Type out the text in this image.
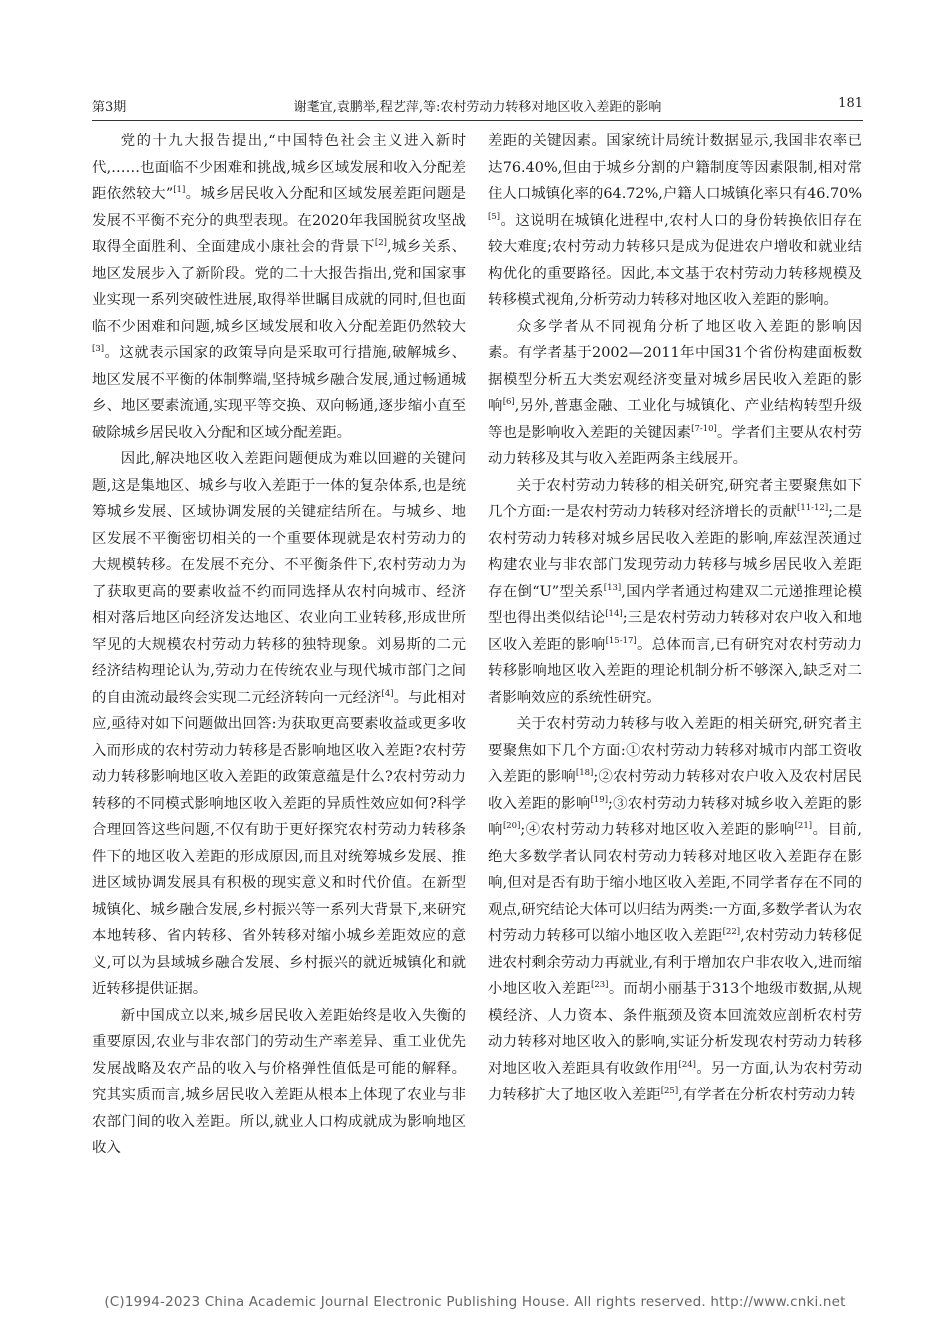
第3期	谢耄宜,袁鹏举,程艺萍,等:农村劳动力转移对地区收入差距的影响	181

党的十九大报告提出,“中国特色社会主义进入新时代,……也面临不少困难和挑战,城乡区域发展和收入分配差距依然较大”[1]。城乡居民收入分配和区域发展差距问题是发展不平衡不充分的典型表现。在2020年我国脱贫攻坚战取得全面胜利、全面建成小康社会的背景下[2],城乡关系、地区发展步入了新阶段。党的二十大报告指出,党和国家事业实现一系列突破性进展,取得举世瞩目成就的同时,但也面临不少困难和问题,城乡区域发展和收入分配差距仍然较大[3]。这就表示国家的政策导向是采取可行措施,破解城乡、地区发展不平衡的体制弊端,坚持城乡融合发展,通过畅通城乡、地区要素流通,实现平等交换、双向畅通,逐步缩小直至破除城乡居民收入分配和区域分配差距。

因此,解决地区收入差距问题便成为难以回避的关键问题,这是集地区、城乡与收入差距于一体的复杂体系,也是统筹城乡发展、区域协调发展的关键症结所在。与城乡、地区发展不平衡密切相关的一个重要体现就是农村劳动力的大规模转移。在发展不充分、不平衡条件下,农村劳动力为了获取更高的要素收益不约而同选择从农村向城市、经济相对落后地区向经济发达地区、农业向工业转移,形成世所罕见的大规模农村劳动力转移的独特现象。刘易斯的二元经济结构理论认为,劳动力在传统农业与现代城市部门之间的自由流动最终会实现二元经济转向一元经济[4]。与此相对应,亟待对如下问题做出回答:为获取更高要素收益或更多收入而形成的农村劳动力转移是否影响地区收入差距?农村劳动力转移影响地区收入差距的政策意蕴是什么?农村劳动力转移的不同模式影响地区收入差距的异质性效应如何?科学合理回答这些问题,不仅有助于更好探究农村劳动力转移条件下的地区收入差距的形成原因,而且对统筹城乡发展、推进区域协调发展具有积极的现实意义和时代价值。在新型城镇化、城乡融合发展,乡村振兴等一系列大背景下,来研究本地转移、省内转移、省外转移对缩小城乡差距效应的意义,可以为县域城乡融合发展、乡村振兴的就近城镇化和就近转移提供证据。

新中国成立以来,城乡居民收入差距始终是收入失衡的重要原因,农业与非农部门的劳动生产率差异、重工业优先发展战略及农产品的收入与价格弹性值低是可能的解释。究其实质而言,城乡居民收入差距从根本上体现了农业与非农部门间的收入差距。所以,就业人口构成就成为影响地区收入

差距的关键因素。国家统计局统计数据显示,我国非农率已达76.40%,但由于城乡分割的户籍制度等因素限制,相对常住人口城镇化率的64.72%,户籍人口城镇化率只有46.70%[5]。这说明在城镇化进程中,农村人口的身份转换依旧存在较大难度;农村劳动力转移只是成为促进农户增收和就业结构优化的重要路径。因此,本文基于农村劳动力转移规模及转移模式视角,分析劳动力转移对地区收入差距的影响。

众多学者从不同视角分析了地区收入差距的影响因素。有学者基于2002—2011年中国31个省份构建面板数据模型分析五大类宏观经济变量对城乡居民收入差距的影响[6],另外,普惠金融、工业化与城镇化、产业结构转型升级等也是影响收入差距的关键因素[7-10]。学者们主要从农村劳动力转移及其与收入差距两条主线展开。

关于农村劳动力转移的相关研究,研究者主要聚焦如下几个方面:一是农村劳动力转移对经济增长的贡献[11-12];二是农村劳动力转移对城乡居民收入差距的影响,库兹涅茨通过构建农业与非农部门发现劳动力转移与城乡居民收入差距存在倒“U”型关系[13],国内学者通过构建双二元递推理论模型也得出类似结论[14];三是农村劳动力转移对农户收入和地区收入差距的影响[15-17]。总体而言,已有研究对农村劳动力转移影响地区收入差距的理论机制分析不够深入,缺乏对二者影响效应的系统性研究。

关于农村劳动力转移与收入差距的相关研究,研究者主要聚焦如下几个方面:①农村劳动力转移对城市内部工资收入差距的影响[18];②农村劳动力转移对农户收入及农村居民收入差距的影响[19];③农村劳动力转移对城乡收入差距的影响[20];④农村劳动力转移对地区收入差距的影响[21]。目前,绝大多数学者认同农村劳动力转移对地区收入差距存在影响,但对是否有助于缩小地区收入差距,不同学者存在不同的观点,研究结论大体可以归结为两类:一方面,多数学者认为农村劳动力转移可以缩小地区收入差距[22],农村劳动力转移促进农村剩余劳动力再就业,有利于增加农户非农收入,进而缩小地区收入差距[23]。而胡小丽基于313个地级市数据,从规模经济、人力资本、条件瓶颈及资本回流效应剖析农村劳动力转移对地区收入的影响,实证分析发现农村劳动力转移对地区收入差距具有收敛作用[24]。另一方面,认为农村劳动力转移扩大了地区收入差距[25],有学者在分析农村劳动力转

(C)1994-2023 China Academic Journal Electronic Publishing House. All rights reserved. http://www.cnki.net
